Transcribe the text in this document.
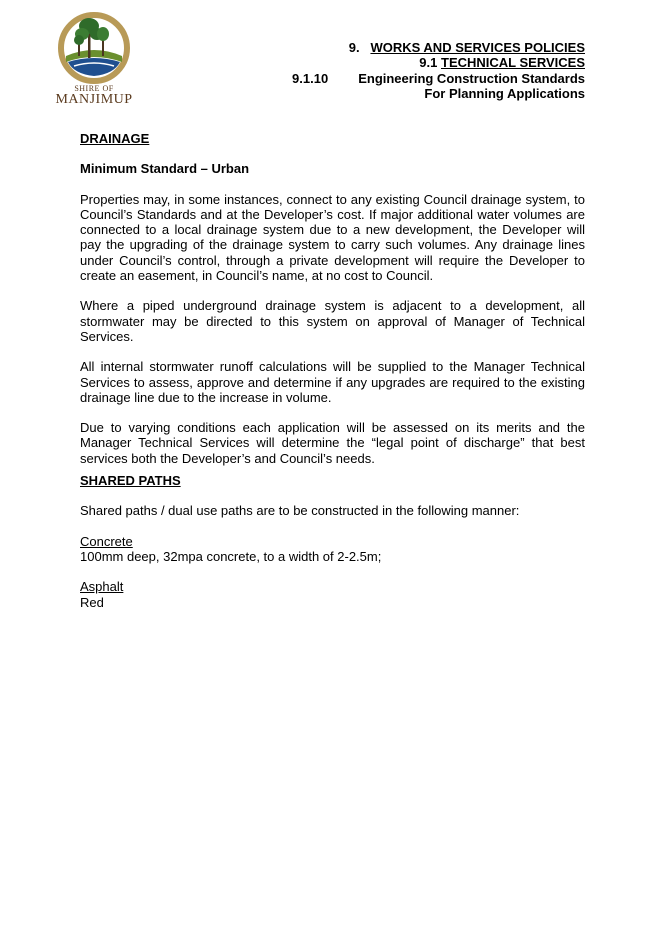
SHIRE OF
MANJIMUP
9. WORKS AND SERVICES POLICIES
9.1 TECHNICAL SERVICES
9.1.10 Engineering Construction Standards
For Planning Applications

DRAINAGE

Minimum Standard – Urban

Properties may, in some instances, connect to any existing Council drainage system, to Council’s Standards and at the Developer’s cost. If major additional water volumes are connected to a local drainage system due to a new development, the Developer will pay the upgrading of the drainage system to carry such volumes. Any drainage lines under Council’s control, through a private development will require the Developer to create an easement, in Council’s name, at no cost to Council.

Where a piped underground drainage system is adjacent to a development, all stormwater may be directed to this system on approval of Manager of Technical Services.

All internal stormwater runoff calculations will be supplied to the Manager Technical Services to assess, approve and determine if any upgrades are required to the existing drainage line due to the increase in volume.

Due to varying conditions each application will be assessed on its merits and the Manager Technical Services will determine the “legal point of discharge” that best services both the Developer’s and Council’s needs.

SHARED PATHS

Shared paths / dual use paths are to be constructed in the following manner:

Concrete

100mm deep, 32mpa concrete, to a width of 2-2.5m;

Asphalt

Red
